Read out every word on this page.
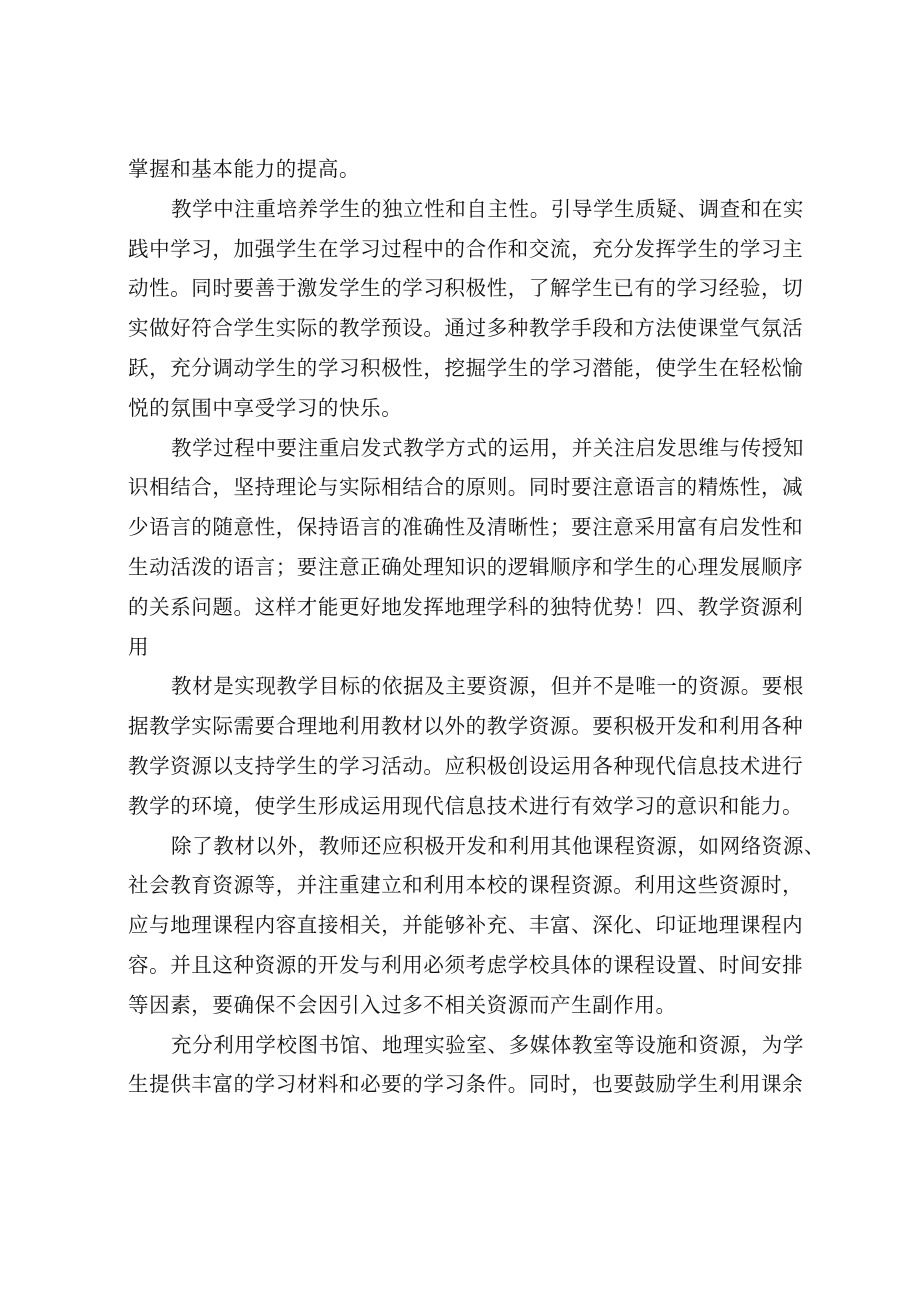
掌握和基本能力的提高。
教学中注重培养学生的独立性和自主性。引导学生质疑、调查和在实
践中学习，加强学生在学习过程中的合作和交流，充分发挥学生的学习主
动性。同时要善于激发学生的学习积极性，了解学生已有的学习经验，切
实做好符合学生实际的教学预设。通过多种教学手段和方法使课堂气氛活
跃，充分调动学生的学习积极性，挖掘学生的学习潜能，使学生在轻松愉
悦的氛围中享受学习的快乐。
教学过程中要注重启发式教学方式的运用，并关注启发思维与传授知
识相结合，坚持理论与实际相结合的原则。同时要注意语言的精炼性，减
少语言的随意性，保持语言的准确性及清晰性；要注意采用富有启发性和
生动活泼的语言；要注意正确处理知识的逻辑顺序和学生的心理发展顺序
的关系问题。这样才能更好地发挥地理学科的独特优势！四、教学资源利
用
教材是实现教学目标的依据及主要资源，但并不是唯一的资源。要根
据教学实际需要合理地利用教材以外的教学资源。要积极开发和利用各种
教学资源以支持学生的学习活动。应积极创设运用各种现代信息技术进行
教学的环境，使学生形成运用现代信息技术进行有效学习的意识和能力。
除了教材以外，教师还应积极开发和利用其他课程资源，如网络资源、
社会教育资源等，并注重建立和利用本校的课程资源。利用这些资源时，
应与地理课程内容直接相关，并能够补充、丰富、深化、印证地理课程内
容。并且这种资源的开发与利用必须考虑学校具体的课程设置、时间安排
等因素，要确保不会因引入过多不相关资源而产生副作用。
充分利用学校图书馆、地理实验室、多媒体教室等设施和资源，为学
生提供丰富的学习材料和必要的学习条件。同时，也要鼓励学生利用课余
